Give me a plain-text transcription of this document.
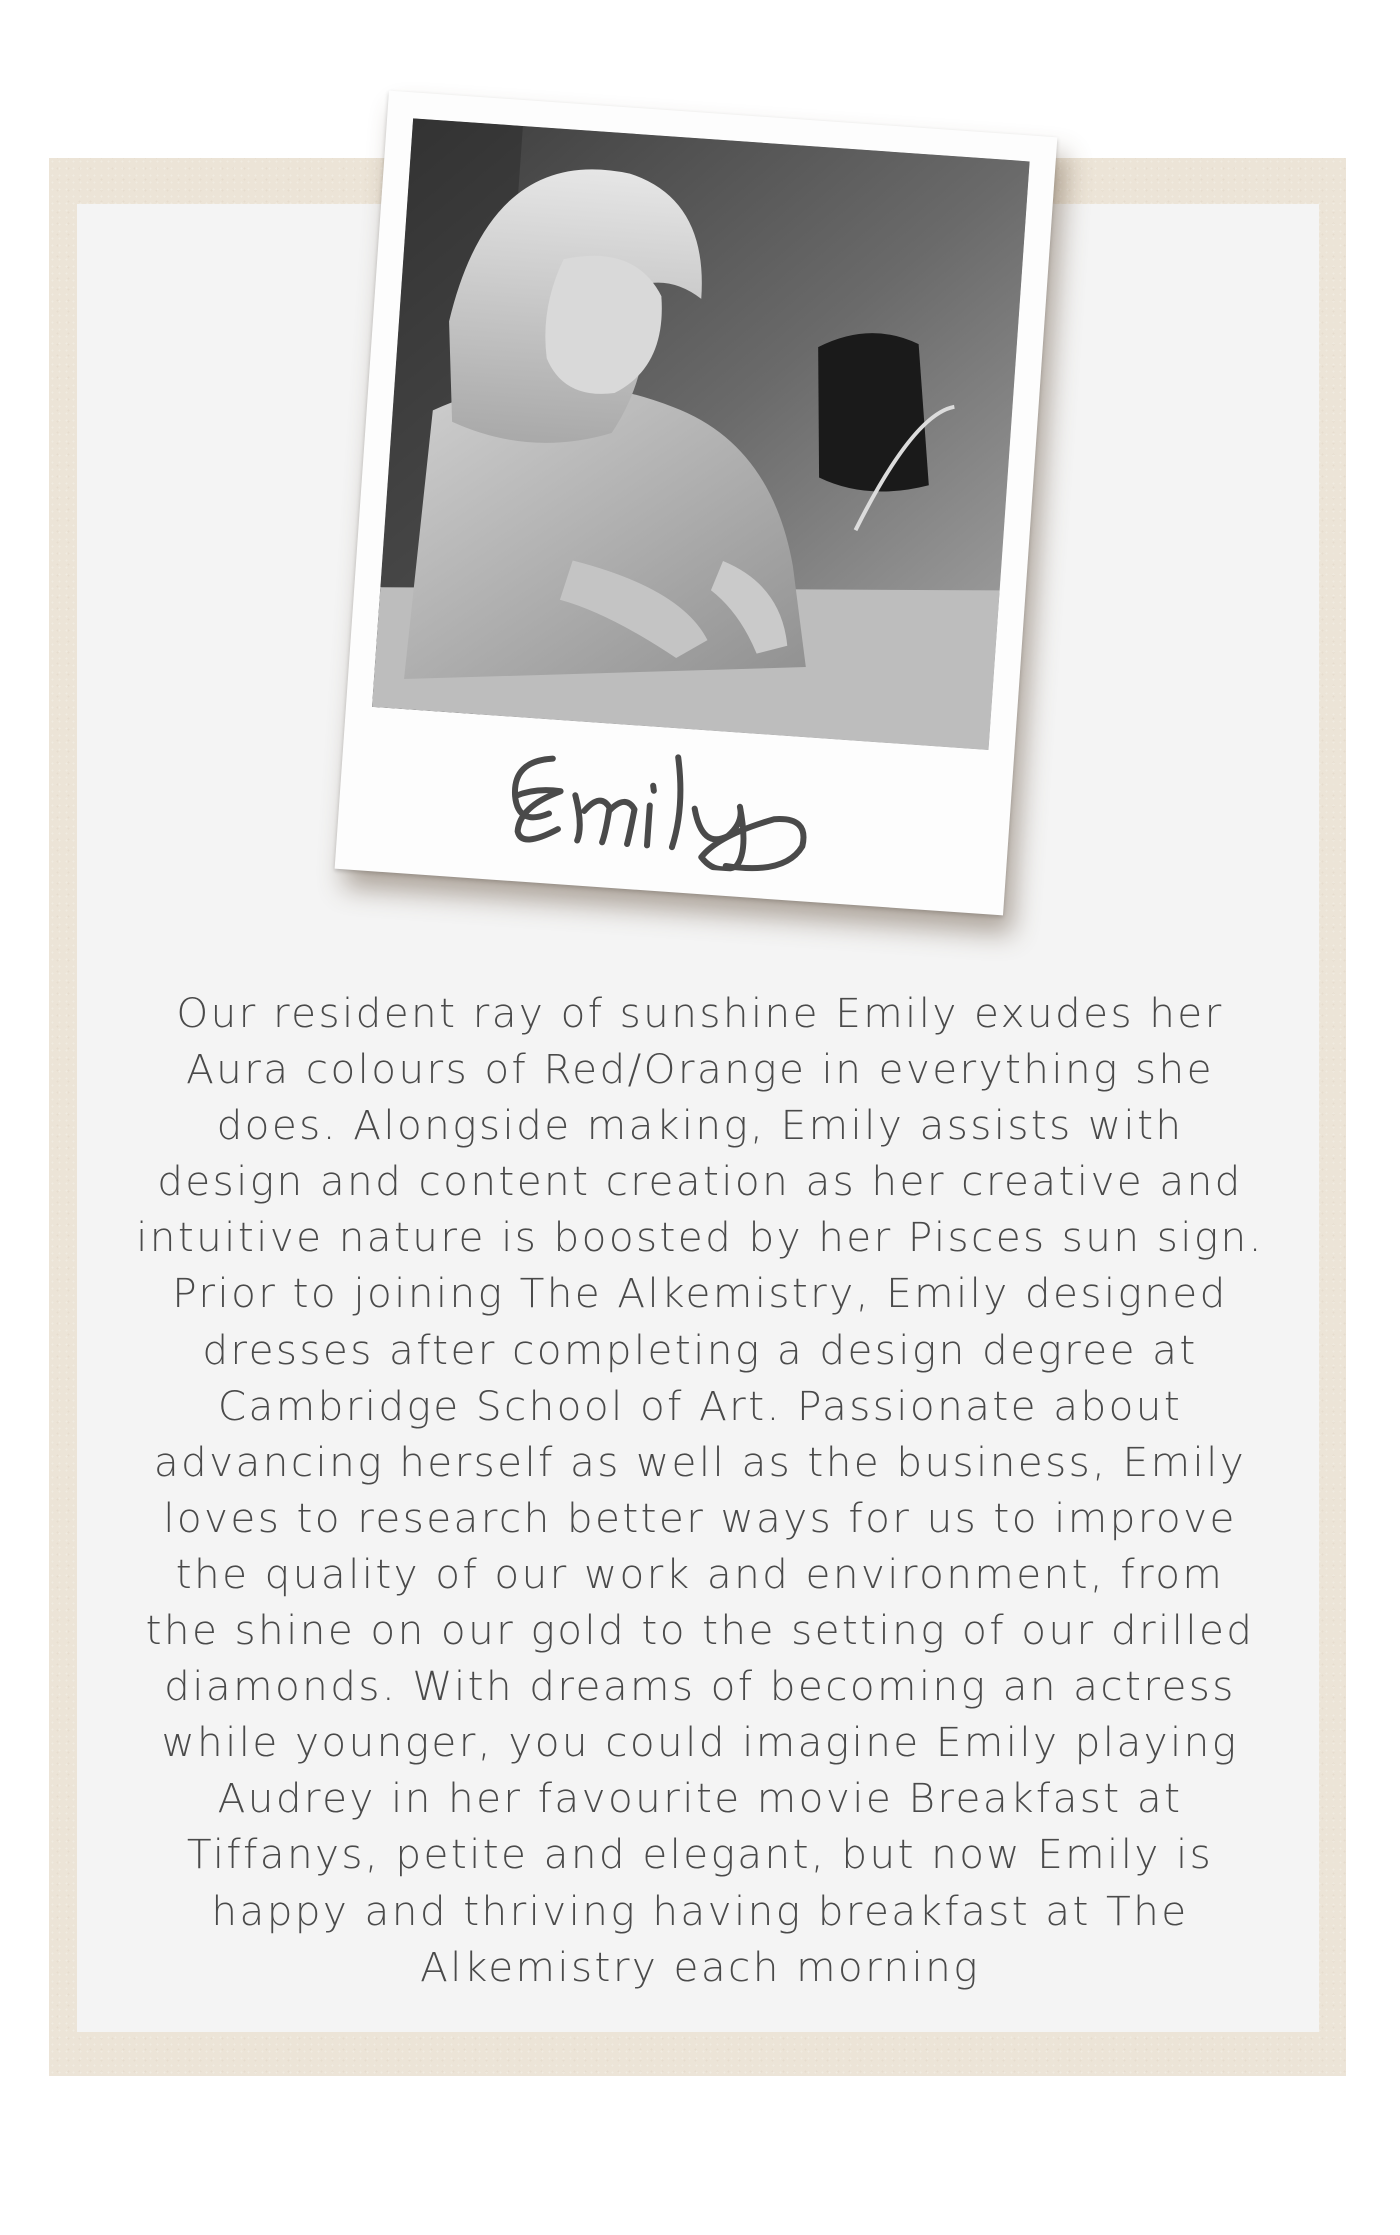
Our resident ray of sunshine Emily exudes her
Aura colours of Red/Orange in everything she
does. Alongside making, Emily assists with
design and content creation as her creative and
intuitive nature is boosted by her Pisces sun sign.
Prior to joining The Alkemistry, Emily designed
dresses after completing a design degree at
Cambridge School of Art. Passionate about
advancing herself as well as the business, Emily
loves to research better ways for us to improve
the quality of our work and environment, from
the shine on our gold to the setting of our drilled
diamonds. With dreams of becoming an actress
while younger, you could imagine Emily playing
Audrey in her favourite movie Breakfast at
Tiffanys, petite and elegant, but now Emily is
happy and thriving having breakfast at The
Alkemistry each morning
